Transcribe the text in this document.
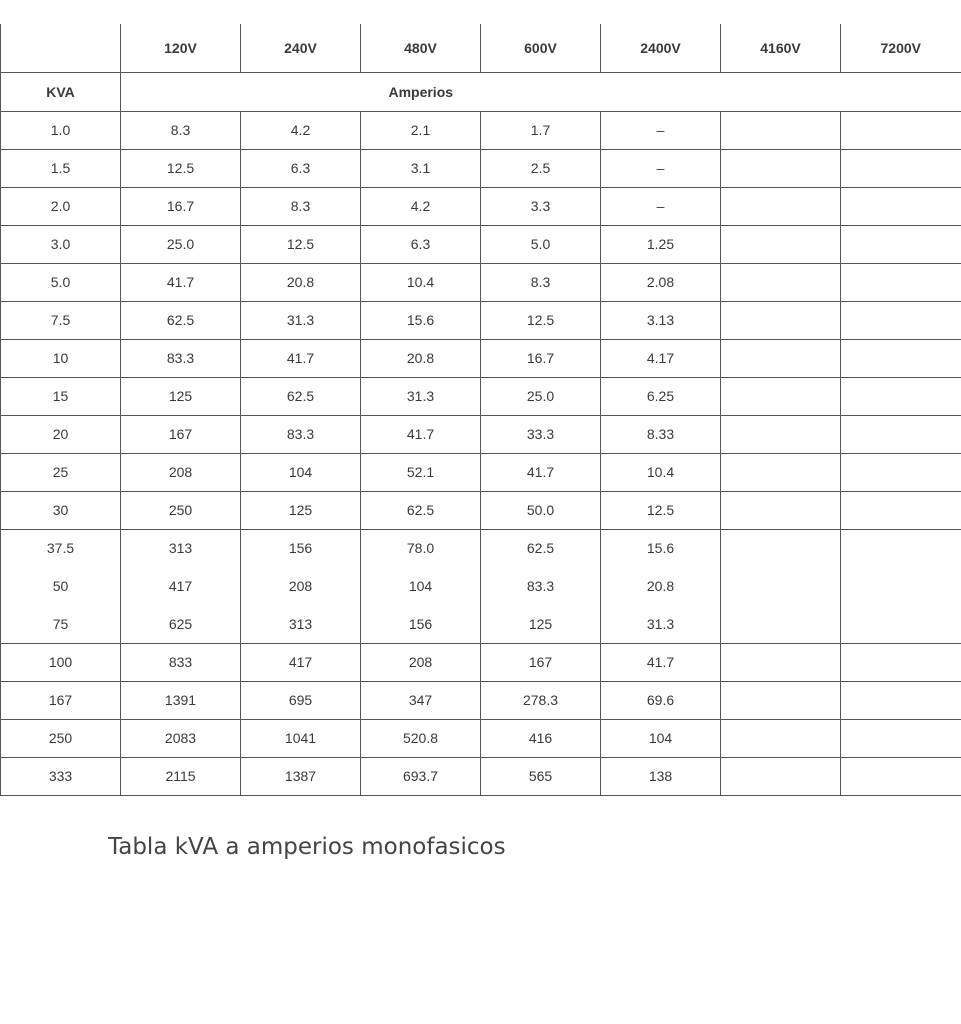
	120V	240V	480V	600V	2400V	4160V	7200V
KVA	Amperios						
1.0	8.3	4.2	2.1	1.7	–		
1.5	12.5	6.3	3.1	2.5	–		
2.0	16.7	8.3	4.2	3.3	–		
3.0	25.0	12.5	6.3	5.0	1.25		
5.0	41.7	20.8	10.4	8.3	2.08		
7.5	62.5	31.3	15.6	12.5	3.13		
10	83.3	41.7	20.8	16.7	4.17		
15	125	62.5	31.3	25.0	6.25		
20	167	83.3	41.7	33.3	8.33		
25	208	104	52.1	41.7	10.4		
30	250	125	62.5	50.0	12.5		
37.5	313	156	78.0	62.5	15.6		
50	417	208	104	83.3	20.8		
75	625	313	156	125	31.3		
100	833	417	208	167	41.7		
167	1391	695	347	278.3	69.6		
250	2083	1041	520.8	416	104		
333	2115	1387	693.7	565	138		
Tabla kVA a amperios monofasicos
